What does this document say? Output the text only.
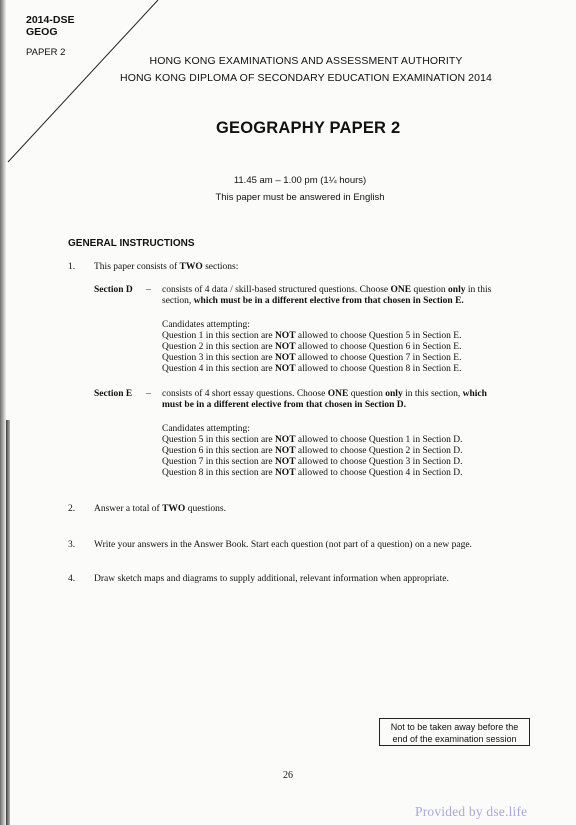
2014-DSE
GEOG
PAPER 2
HONG KONG EXAMINATIONS AND ASSESSMENT AUTHORITY
HONG KONG DIPLOMA OF SECONDARY EDUCATION EXAMINATION 2014
GEOGRAPHY PAPER 2
11.45 am – 1.00 pm (1¼ hours)
This paper must be answered in English
GENERAL INSTRUCTIONS
1. This paper consists of TWO sections:
Section D – consists of 4 data / skill-based structured questions. Choose ONE question only in this
section, which must be in a different elective from that chosen in Section E.
Candidates attempting:
Question 1 in this section are NOT allowed to choose Question 5 in Section E.
Question 2 in this section are NOT allowed to choose Question 6 in Section E.
Question 3 in this section are NOT allowed to choose Question 7 in Section E.
Question 4 in this section are NOT allowed to choose Question 8 in Section E.
Section E – consists of 4 short essay questions. Choose ONE question only in this section, which
must be in a different elective from that chosen in Section D.
Candidates attempting:
Question 5 in this section are NOT allowed to choose Question 1 in Section D.
Question 6 in this section are NOT allowed to choose Question 2 in Section D.
Question 7 in this section are NOT allowed to choose Question 3 in Section D.
Question 8 in this section are NOT allowed to choose Question 4 in Section D.
2. Answer a total of TWO questions.
3. Write your answers in the Answer Book. Start each question (not part of a question) on a new page.
4. Draw sketch maps and diagrams to supply additional, relevant information when appropriate.
Not to be taken away before the
end of the examination session
26
Provided by dse.life
